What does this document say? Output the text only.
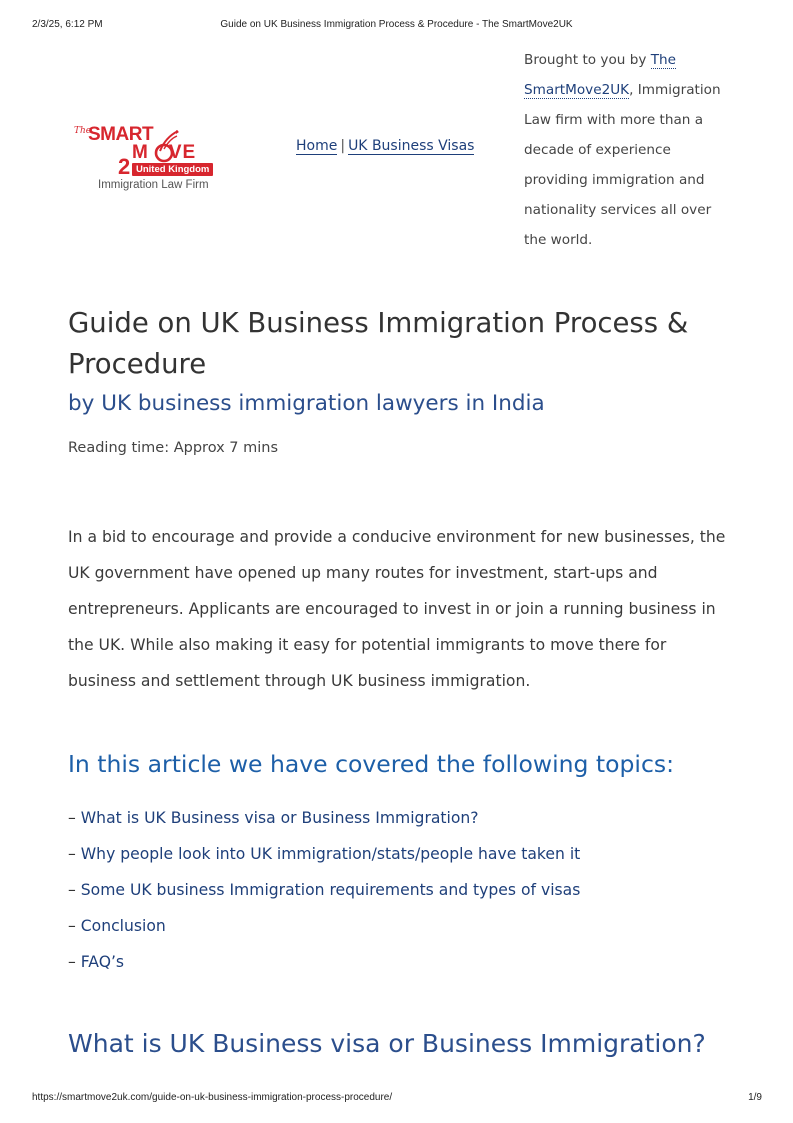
2/3/25, 6:12 PM	Guide on UK Business Immigration Process & Procedure - The SmartMove2UK
The
SMART
M VE
2 United Kingdom
Immigration Law Firm
Home | UK Business Visas
Brought to you by The SmartMove2UK, Immigration Law firm with more than a decade of experience providing immigration and nationality services all over the world.
Guide on UK Business Immigration Process & Procedure
by UK business immigration lawyers in India
Reading time: Approx 7 mins

In a bid to encourage and provide a conducive environment for new businesses, the UK government have opened up many routes for investment, start-ups and entrepreneurs. Applicants are encouraged to invest in or join a running business in the UK. While also making it easy for potential immigrants to move there for business and settlement through UK business immigration.

In this article we have covered the following topics:
– What is UK Business visa or Business Immigration?
– Why people look into UK immigration/stats/people have taken it
– Some UK business Immigration requirements and types of visas
– Conclusion
– FAQ’s
What is UK Business visa or Business Immigration?
https://smartmove2uk.com/guide-on-uk-business-immigration-process-procedure/	1/9
